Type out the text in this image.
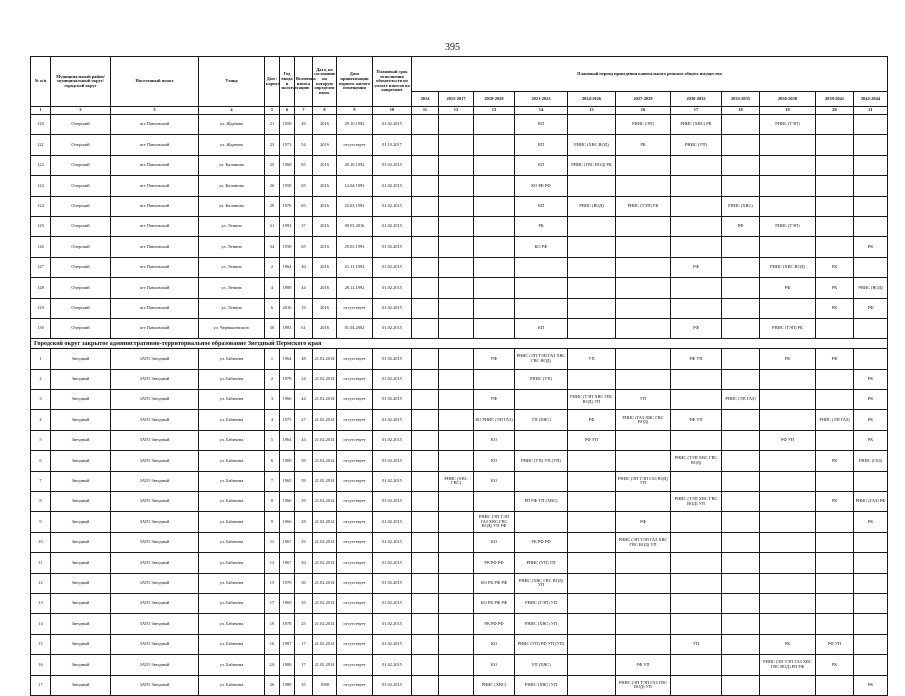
395
№ п/п	Муниципальный район/ муниципальный округ/городской округ	Населенный пункт	Улица	Дом / корпус	Год ввода в эксплуатацию	Величина износа	Дата, по состоянию на которую определен износ	Дата приватизации первого жилого помещения	Плановый срок исполнения обязательств по уплате взносов на капремонт	Плановый период проведения капитального ремонта общего имущества										
										2014	2015-2017	2018-2020	2021-2023	2024-2026	2027-2029	2030-2032	2033-2035	2036-2038	2039-2041	2042-2044
1	2	3	4	5	6	7	8	9	10	11	12	13	14	15	16	17	18	19	20	21
120	Очерский	пгт Павловский	ул. Жданова	21	1958	49	2016	29.10.1992	01.02.2015				КП		РНИС (ЭП)	РНИС (ХВС) РК		РНИС (ТЭП)		
121	Очерский	пгт Павловский	ул. Жданова	23	1973	54	2016	отсутствует	01.10.2017				КП	РНИС (ХВС ВОД)	РК	РНИС (УП)				
122	Очерский	пгт Павловский	ул. Калинина	25	1960	65	2016	20.10.1992	01.02.2015				КП	РНИС (ГВС ВОД) РК						
123	Очерский	пгт Павловский	ул. Калинина	26	1958	65	2016	12.04.1993	01.02.2015				КО РК РФ							
124	Очерский	пгт Павловский	ул. Калинина	29	1976	65	2016	25.03.1993	01.02.2015				КП	РНИС (ВОД)	РНИС (ТЭП) РК		РНИС (ХВС)			
125	Очерский	пгт Павловский	ул. Ленина	31	1993	37	2016	09.03.2016	01.02.2015				РК				РФ	РНИС (ТЭП)		
126	Очерский	пгт Павловский	ул. Ленина	34	1958	65	2016	29.03.1993	01.02.2015				КО РФ							РК
127	Очерский	пгт Павловский	ул. Ленина	2	1964	40	2016	21.11.1992	01.02.2015							РФ		РНИС (ХВС ВОД)	РК	
128	Очерский	пгт Павловский	ул. Ленина	4	1988	44	2016	28.12.1992	01.02.2015									РФ	РК	РНИС (ВОД)
129	Очерский	пгт Павловский	ул. Ленина	6	2016	19	2016	отсутствует	01.02.2015										РК	РФ
130	Очерский	пгт Павловский	ул. Чернышевского	30	1983	61	2016	01.04.2002	01.02.2015				КП			РФ		РНИС (ТЭП) РК		
Городской округ закрытое административно-территориальное образование Звездный Пермского края																				
1	Звездный	ЗАТО Звездный	ул. Бабичева	1	1964	48	21.02.2014	отсутствует	01.02.2015			РФ	РНИС (ЭП ТЭП ГАЗ ХВС ГВС ВОД)	УП		РФ УП		РК	РФ	
2	Звездный	ЗАТО Звездный	ул. Бабичева	2	1978	24	21.02.2014	отсутствует	01.02.2015				РНИС (УП)							РК
3	Звездный	ЗАТО Звездный	ул. Бабичева	3	1966	44	21.02.2014	отсутствует	01.02.2015			РФ		РНИС (ТЭП ХВС ГВС ВОД) УП	УП		РНИС (ЭП ГАЗ)			РК
4	Звездный	ЗАТО Звездный	ул. Бабичева	4	1975	27	21.02.2014	отсутствует	01.02.2015			КО РНИС (ЭП ГАЗ)	УП (ХВС)	РФ	РНИС (ГАЗ ХВС ГВС ВОД)	РФ УП			РНИС (ЭП ГАЗ)	РК
5	Звездный	ЗАТО Звездный	ул. Бабичева	5	1964	43	21.02.2014	отсутствует	01.02.2015			КО		РФ УП				РФ УП		РК
6	Звездный	ЗАТО Звездный	ул. Бабичева	6	1969	39	21.02.2014	отсутствует	01.02.2015			КО	РНИС (УП) УП (УП)			РНИС (ТЭП ХВС ГВС ВОД)			РК	РНИС (ГАЗ)
7	Звездный	ЗАТО Звездный	ул. Бабичева	7	1965	59	21.02.2014	отсутствует	01.02.2015		РНИС (ХВС ГВС)	КО			РНИС (ЭП ТЭП ГАЗ ВОД) УП					
8	Звездный	ЗАТО Звездный	ул. Бабичева	8	1966	29	21.02.2014	отсутствует	01.02.2015				РП РФ УП (ХВС)			РНИС (ТЭП ХВС ГВС ВОД) УП			РК	РНИС (ГАЗ) РФ
9	Звездный	ЗАТО Звездный	ул. Бабичева	9	1966	28	21.02.2014	отсутствует	01.02.2015			РНИС (ЭП ТЭП ГАЗ ХВС ГВС ВОД) УП РФ			РФ					РК
10	Звездный	ЗАТО Звездный	ул. Бабичева	11	1967	29	21.02.2014	отсутствует	01.02.2015			КО	РК РФ РФ		РНИС (ЭП ТЭП ГАЗ ХВС ГВС ВОД) УП					
11	Звездный	ЗАТО Звездный	ул. Бабичева	13	1967	30	21.02.2014	отсутствует	01.02.2015			РК РФ РФ	РНИС (УП) ТП							
12	Звездный	ЗАТО Звездный	ул. Бабичева	15	1970	30	21.02.2014	отсутствует	01.02.2015			КО РК РФ РФ	РНИС (ХВС ГВС ВОД) УП							
13	Звездный	ЗАТО Звездный	ул. Бабичева	17	1969	35	21.02.2014	отсутствует	01.02.2015			КО РК РФ РФ	РНИС (ТЭП) УП							
14	Звездный	ЗАТО Звездный	ул. Бабичева	19	1978	25	21.02.2014	отсутствует	01.02.2015			РК РФ РФ	РНИС (ХВС) УП							
15	Звездный	ЗАТО Звездный	ул. Бабичева	16	1987	17	21.02.2014	отсутствует	01.02.2015			КО	РНИС (УП) РФ УП (УП)			УП		РК	РФ УП	
16	Звездный	ЗАТО Звездный	ул. Бабичева	2А	1988	17	21.02.2014	отсутствует	01.02.2015			КО	УП (ХВС)		РФ УП			РНИС (ЭП ТЭП ГАЗ ХВС ГВС ВОД) РП РФ	РК	
17	Звездный	ЗАТО Звездный	ул. Бабичева	26	1988	35	1988	отсутствует	01.02.2015			РНИС (ХВС)	РНИС (ХВС) УП		РНИС (ЭП ТЭП ГАЗ ГВС ВОД) УП					РК
